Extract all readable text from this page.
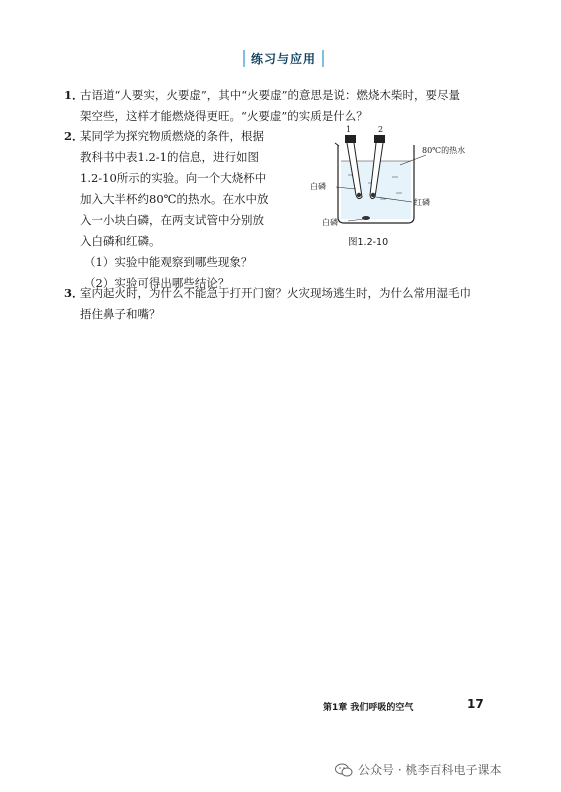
练习与应用
1．
古语道“人要实，火要虚”，其中“火要虚”的意思是说：燃烧木柴时，要尽量
架空些，这样才能燃烧得更旺。“火要虚”的实质是什么？
2．
某同学为探究物质燃烧的条件，根据
教科书中表1.2-1的信息，进行如图
1.2-10所示的实验。向一个大烧杯中
加入大半杯约80℃的热水。在水中放
入一小块白磷，在两支试管中分别放
入白磷和红磷。
（1）实验中能观察到哪些现象？
（2）实验可得出哪些结论？
1	2
80℃的热水
白磷
红磷
白磷
图1.2-10
3．
室内起火时，为什么不能急于打开门窗？火灾现场逃生时，为什么常用湿毛巾
捂住鼻子和嘴？
第1章 我们呼吸的空气	17
公众号 · 桃李百科电子课本
